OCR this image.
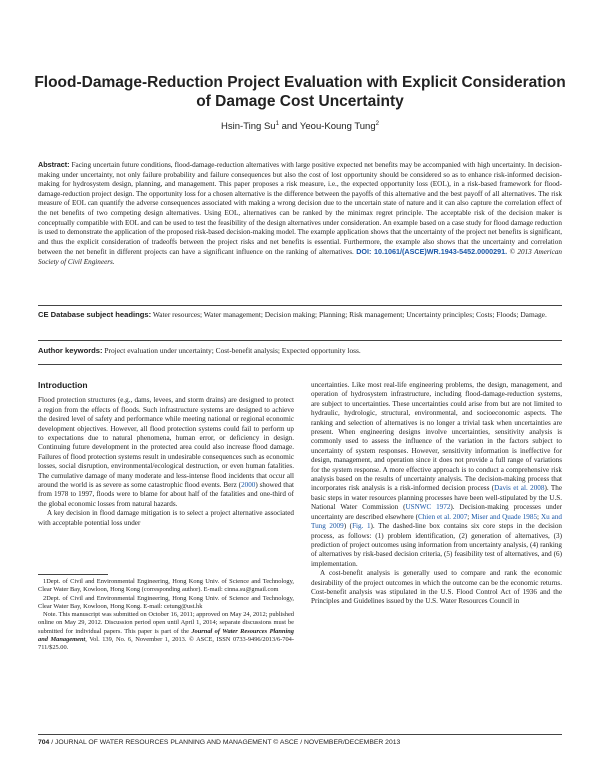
Flood-Damage-Reduction Project Evaluation with Explicit Consideration of Damage Cost Uncertainty
Hsin-Ting Su$^1$ and Yeou-Koung Tung$^2$
Abstract: Facing uncertain future conditions, flood-damage-reduction alternatives with large positive expected net benefits may be accompanied with high uncertainty. In decision-making under uncertainty, not only failure probability and failure consequences but also the cost of lost opportunity should be considered so as to enhance risk-informed decision-making for hydrosystem design, planning, and management. This paper proposes a risk measure, i.e., the expected opportunity loss (EOL), in a risk-based framework for flood-damage-reduction project design. The opportunity loss for a chosen alternative is the difference between the payoffs of this alternative and the best payoff of all alternatives. The risk measure of EOL can quantify the adverse consequences associated with making a wrong decision due to the uncertain state of nature and it can also capture the correlation effect of the net benefits of two competing design alternatives. Using EOL, alternatives can be ranked by the minimax regret principle. The acceptable risk of the decision maker is conceptually compatible with EOL and can be used to test the feasibility of the design alternatives under consideration. An example based on a case study for flood damage reduction is used to demonstrate the application of the proposed risk-based decision-making model. The example application shows that the uncertainty of the project net benefits is significant, and thus the explicit consideration of tradeoffs between the project risks and net benefits is essential. Furthermore, the example also shows that the uncertainty and correlation between the net benefit in different projects can have a significant influence on the ranking of alternatives. DOI: 10.1061/(ASCE)WR.1943-5452.0000291. © 2013 American Society of Civil Engineers.
CE Database subject headings: Water resources; Water management; Decision making; Planning; Risk management; Uncertainty principles; Costs; Floods; Damage.
Author keywords: Project evaluation under uncertainty; Cost-benefit analysis; Expected opportunity loss.
Introduction

Flood protection structures (e.g., dams, levees, and storm drains) are designed to protect a region from the effects of floods. Such infrastructure systems are designed to achieve the desired level of safety and performance while meeting national or regional economic development objectives. However, all flood protection systems could fail to perform up to expectations due to natural phenomena, human error, or deficiency in design. Continuing future development in the protected area could also increase flood damage. Failures of flood protection systems result in undesirable consequences such as economic losses, social disruption, environmental/ecological destruction, or even human fatalities. The cumulative damage of many moderate and less-intense flood incidents that occur all around the world is as severe as some catastrophic flood events. Berz (2000) showed that from 1978 to 1997, floods were to blame for about half of the fatalities and one-third of the global economic losses from natural hazards.

A key decision in flood damage mitigation is to select a project alternative associated with acceptable potential loss under

1Dept. of Civil and Environmental Engineering, Hong Kong Univ. of Science and Technology, Clear Water Bay, Kowloon, Hong Kong (corresponding author). E-mail: cinna.su@gmail.com

2Dept. of Civil and Environmental Engineering, Hong Kong Univ. of Science and Technology, Clear Water Bay, Kowloon, Hong Kong. E-mail: cetung@ust.hk

Note. This manuscript was submitted on October 16, 2011; approved on May 24, 2012; published online on May 29, 2012. Discussion period open until April 1, 2014; separate discussions must be submitted for individual papers. This paper is part of the Journal of Water Resources Planning and Management, Vol. 139, No. 6, November 1, 2013. © ASCE, ISSN 0733-9496/2013/6-704-711/$25.00.

uncertainties. Like most real-life engineering problems, the design, management, and operation of hydrosystem infrastructure, including flood-damage-reduction systems, are subject to uncertainties. These uncertainties could arise from but are not limited to hydraulic, hydrologic, structural, environmental, and socioeconomic aspects. The ranking and selection of alternatives is no longer a trivial task when uncertainties are present. When engineering designs involve uncertainties, sensitivity analysis is commonly used to assess the influence of the variation in the factors subject to uncertainty of system responses. However, sensitivity information is ineffective for design, management, and operation since it does not provide a full range of variations for the system response. A more effective approach is to conduct a comprehensive risk analysis based on the results of uncertainty analysis. The decision-making process that incorporates risk analysis is a risk-informed decision process (Davis et al. 2008). The basic steps in water resources planning processes have been well-stipulated by the U.S. National Water Commission (USNWC 1972). Decision-making processes under uncertainty are described elsewhere (Chien et al. 2007; Miser and Quade 1985; Xu and Tung 2009) (Fig. 1). The dashed-line box contains six core steps in the decision process, as follows: (1) problem identification, (2) generation of alternatives, (3) prediction of project outcomes using information from uncertainty analysis, (4) ranking of alternatives by risk-based decision criteria, (5) feasibility test of alternatives, and (6) implementation.

A cost-benefit analysis is generally used to compare and rank the economic desirability of the project outcomes in which the outcome can be the economic returns. Cost-benefit analysis was stipulated in the U.S. Flood Control Act of 1936 and the Principles and Guidelines issued by the U.S. Water Resources Council in

704 / JOURNAL OF WATER RESOURCES PLANNING AND MANAGEMENT © ASCE / NOVEMBER/DECEMBER 2013
